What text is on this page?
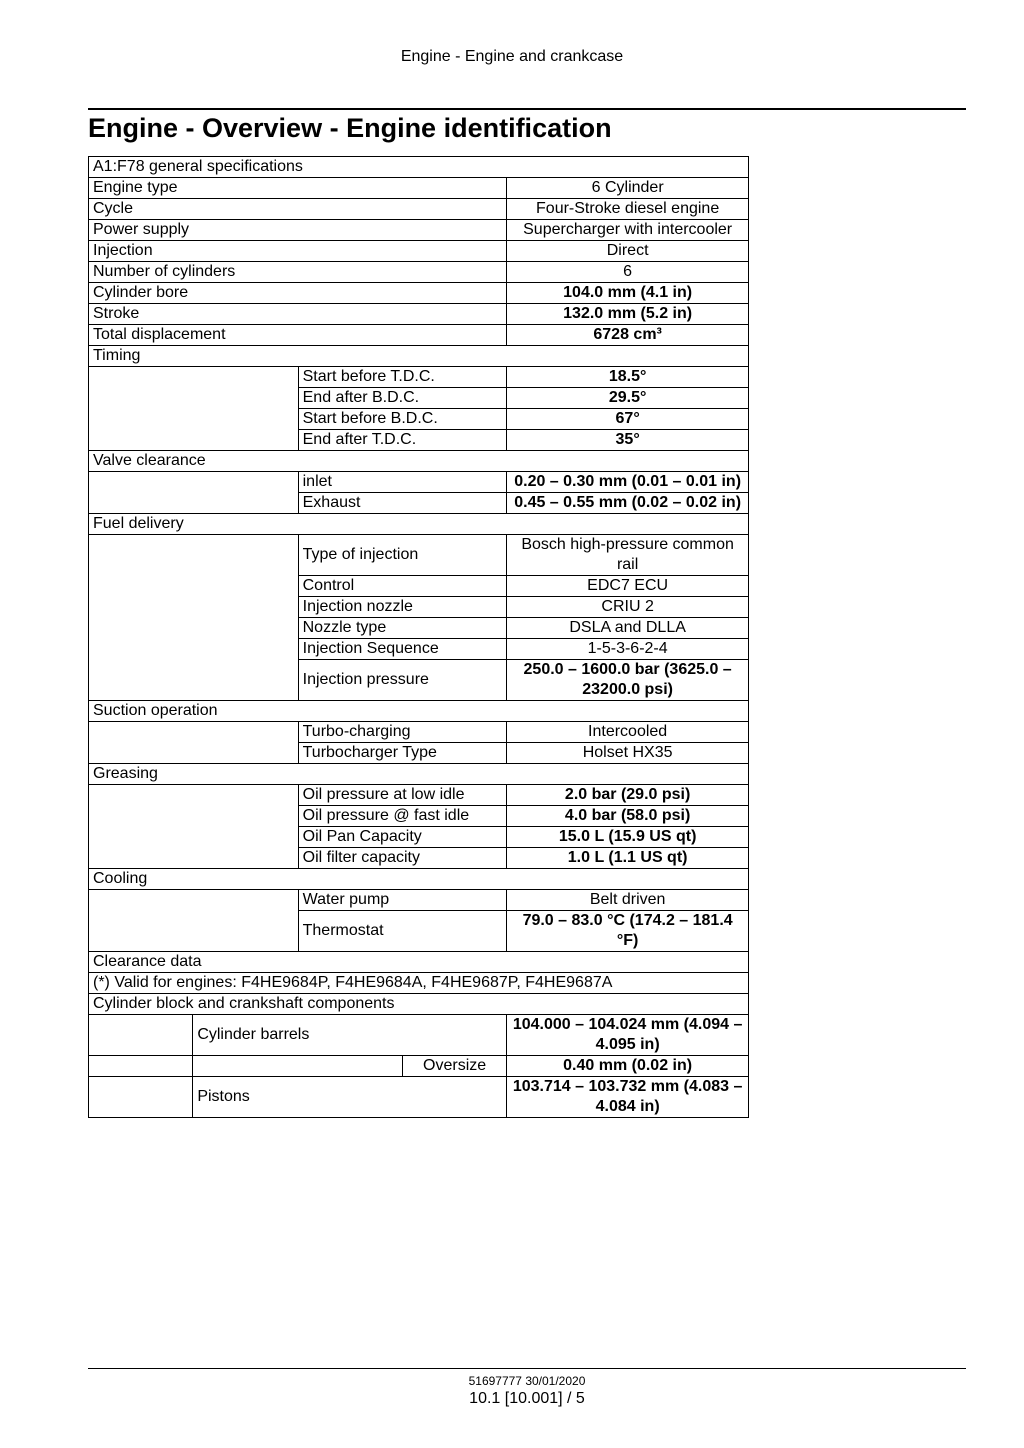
Engine - Engine and crankcase
Engine - Overview - Engine identification
A1:F78 general specifications				
Engine type				6 Cylinder
Cycle				Four-Stroke diesel engine
Power supply				Supercharger with intercooler
Injection				Direct
Number of cylinders				6
Cylinder bore				104.0 mm (4.1 in)
Stroke				132.0 mm (5.2 in)
Total displacement				6728 cm³
Timing				
		Start before T.D.C.		18.5°
		End after B.D.C.		29.5°
		Start before B.D.C.		67°
		End after T.D.C.		35°
Valve clearance				
		inlet		0.20 – 0.30 mm (0.01 – 0.01 in)
		Exhaust		0.45 – 0.55 mm (0.02 – 0.02 in)
Fuel delivery				
		Type of injection		Bosch high-pressure common rail
		Control		EDC7 ECU
		Injection nozzle		CRIU 2
		Nozzle type		DSLA and DLLA
		Injection Sequence		1-5-3-6-2-4
		Injection pressure		250.0 – 1600.0 bar (3625.0 – 23200.0 psi)
Suction operation				
		Turbo-charging		Intercooled
		Turbocharger Type		Holset HX35
Greasing				
		Oil pressure at low idle		2.0 bar (29.0 psi)
		Oil pressure @ fast idle		4.0 bar (58.0 psi)
		Oil Pan Capacity		15.0 L (15.9 US qt)
		Oil filter capacity		1.0 L (1.1 US qt)
Cooling				
		Water pump		Belt driven
		Thermostat		79.0 – 83.0 °C (174.2 – 181.4 °F)
Clearance data				
(*) Valid for engines: F4HE9684P, F4HE9684A, F4HE9687P, F4HE9687A				
Cylinder block and crankshaft components				
	Cylinder barrels			104.000 – 104.024 mm (4.094 – 4.095 in)
			Oversize	0.40 mm (0.02 in)
	Pistons			103.714 – 103.732 mm (4.083 – 4.084 in)
51697777 30/01/2020
10.1 [10.001] / 5
